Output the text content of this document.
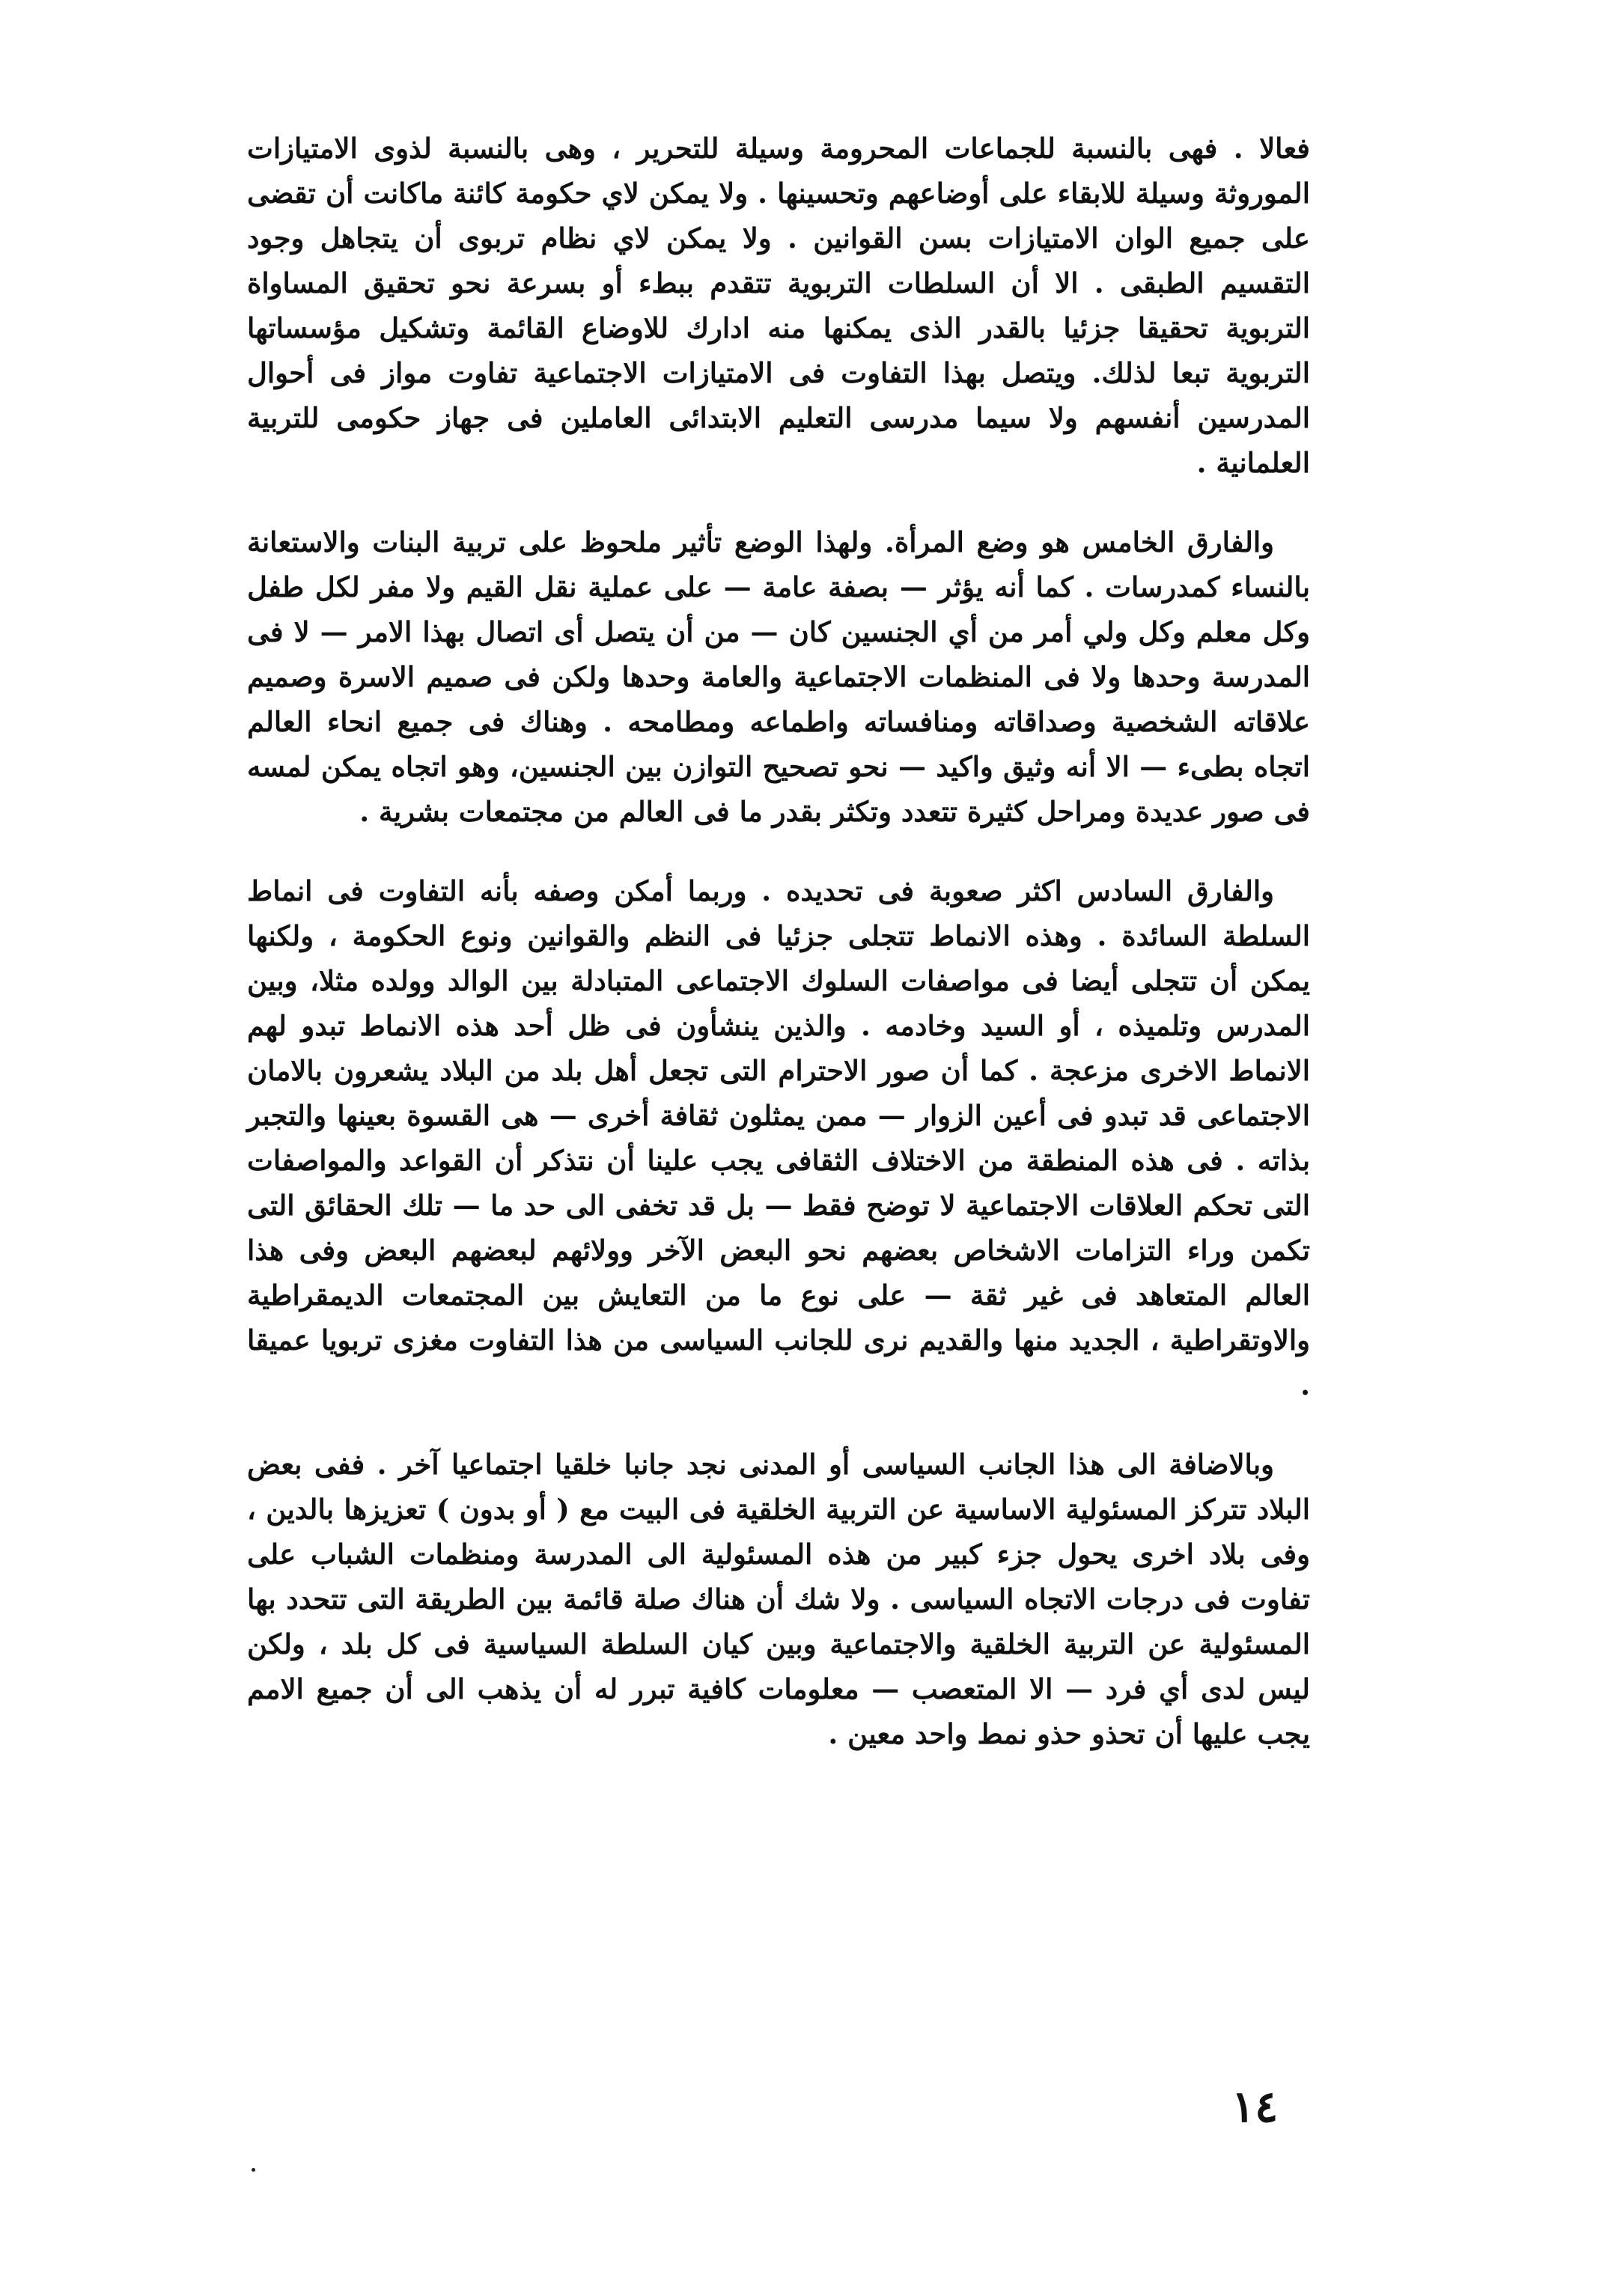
فعالا . فهى بالنسبة للجماعات المحرومة وسيلة للتحرير ، وهى بالنسبة لذوى الامتيازات الموروثة وسيلة للابقاء على أوضاعهم وتحسينها . ولا يمكن لاي حكومة كائنة ماكانت أن تقضى على جميع الوان الامتيازات بسن القوانين . ولا يمكن لاي نظام تربوى أن يتجاهل وجود التقسيم الطبقى . الا أن السلطات التربوية تتقدم ببطء أو بسرعة نحو تحقيق المساواة التربوية تحقيقا جزئيا بالقدر الذى يمكنها منه ادارك للاوضاع القائمة وتشكيل مؤسساتها التربوية تبعا لذلك. ويتصل بهذا التفاوت فى الامتيازات الاجتماعية تفاوت مواز فى أحوال المدرسين أنفسهم ولا سيما مدرسى التعليم الابتدائى العاملين فى جهاز حكومى للتربية العلمانية .

والفارق الخامس هو وضع المرأة. ولهذا الوضع تأثير ملحوظ على تربية البنات والاستعانة بالنساء كمدرسات . كما أنه يؤثر — بصفة عامة — على عملية نقل القيم ولا مفر لكل طفل وكل معلم وكل ولي أمر من أي الجنسين كان — من أن يتصل أى اتصال بهذا الامر — لا فى المدرسة وحدها ولا فى المنظمات الاجتماعية والعامة وحدها ولكن فى صميم الاسرة وصميم علاقاته الشخصية وصداقاته ومنافساته واطماعه ومطامحه . وهناك فى جميع انحاء العالم اتجاه بطىء — الا أنه وثيق واكيد — نحو تصحيح التوازن بين الجنسين، وهو اتجاه يمكن لمسه فى صور عديدة ومراحل كثيرة تتعدد وتكثر بقدر ما فى العالم من مجتمعات بشرية .

والفارق السادس اكثر صعوبة فى تحديده . وربما أمكن وصفه بأنه التفاوت فى انماط السلطة السائدة . وهذه الانماط تتجلى جزئيا فى النظم والقوانين ونوع الحكومة ، ولكنها يمكن أن تتجلى أيضا فى مواصفات السلوك الاجتماعى المتبادلة بين الوالد وولده مثلا، وبين المدرس وتلميذه ، أو السيد وخادمه . والذين ينشأون فى ظل أحد هذه الانماط تبدو لهم الانماط الاخرى مزعجة . كما أن صور الاحترام التى تجعل أهل بلد من البلاد يشعرون بالامان الاجتماعى قد تبدو فى أعين الزوار — ممن يمثلون ثقافة أخرى — هى القسوة بعينها والتجبر بذاته . فى هذه المنطقة من الاختلاف الثقافى يجب علينا أن نتذكر أن القواعد والمواصفات التى تحكم العلاقات الاجتماعية لا توضح فقط — بل قد تخفى الى حد ما — تلك الحقائق التى تكمن وراء التزامات الاشخاص بعضهم نحو البعض الآخر وولائهم لبعضهم البعض وفى هذا العالم المتعاهد فى غير ثقة — على نوع ما من التعايش بين المجتمعات الديمقراطية والاوتقراطية ، الجديد منها والقديم نرى للجانب السياسى من هذا التفاوت مغزى تربويا عميقا .

وبالاضافة الى هذا الجانب السياسى أو المدنى نجد جانبا خلقيا اجتماعيا آخر . ففى بعض البلاد تتركز المسئولية الاساسية عن التربية الخلقية فى البيت مع ( أو بدون ) تعزيزها بالدين ، وفى بلاد اخرى يحول جزء كبير من هذه المسئولية الى المدرسة ومنظمات الشباب على تفاوت فى درجات الاتجاه السياسى . ولا شك أن هناك صلة قائمة بين الطريقة التى تتحدد بها المسئولية عن التربية الخلقية والاجتماعية وبين كيان السلطة السياسية فى كل بلد ، ولكن ليس لدى أي فرد — الا المتعصب — معلومات كافية تبرر له أن يذهب الى أن جميع الامم يجب عليها أن تحذو حذو نمط واحد معين .

١٤
